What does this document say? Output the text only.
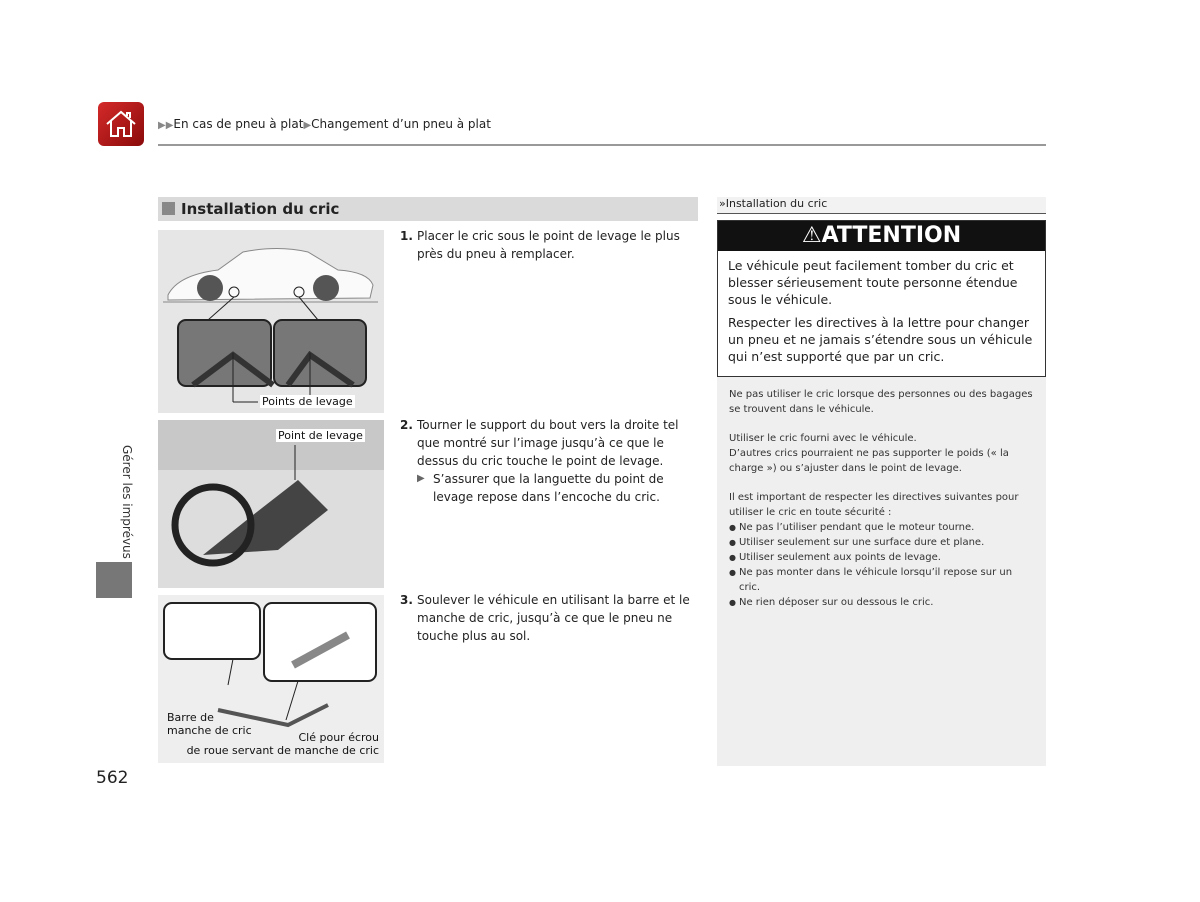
▶▶En cas de pneu à plat▶Changement d’un pneu à plat
Installation du cric
Points de levage
Point de levage
Barre de
manche de cric
Clé pour écrou
de roue servant de manche de cric
1. Placer le cric sous le point de levage le plus près du pneu à remplacer.
2. Tourner le support du bout vers la droite tel que montré sur l’image jusqu’à ce que le dessus du cric touche le point de levage.
▶ S’assurer que la languette du point de levage repose dans l’encoche du cric.
3. Soulever le véhicule en utilisant la barre et le manche de cric, jusqu’à ce que le pneu ne touche plus au sol.
»Installation du cric
⚠ATTENTION

Le véhicule peut facilement tomber du cric et blesser sérieusement toute personne étendue sous le véhicule.

Respecter les directives à la lettre pour changer un pneu et ne jamais s’étendre sous un véhicule qui n’est supporté que par un cric.

Ne pas utiliser le cric lorsque des personnes ou des bagages se trouvent dans le véhicule.

Utiliser le cric fourni avec le véhicule.

D’autres crics pourraient ne pas supporter le poids (« la charge ») ou s’ajuster dans le point de levage.

Il est important de respecter les directives suivantes pour utiliser le cric en toute sécurité :

● Ne pas l’utiliser pendant que le moteur tourne.
● Utiliser seulement sur une surface dure et plane.
● Utiliser seulement aux points de levage.
● Ne pas monter dans le véhicule lorsqu’il repose sur un cric.
● Ne rien déposer sur ou dessous le cric.
Gérer les imprévus
562
